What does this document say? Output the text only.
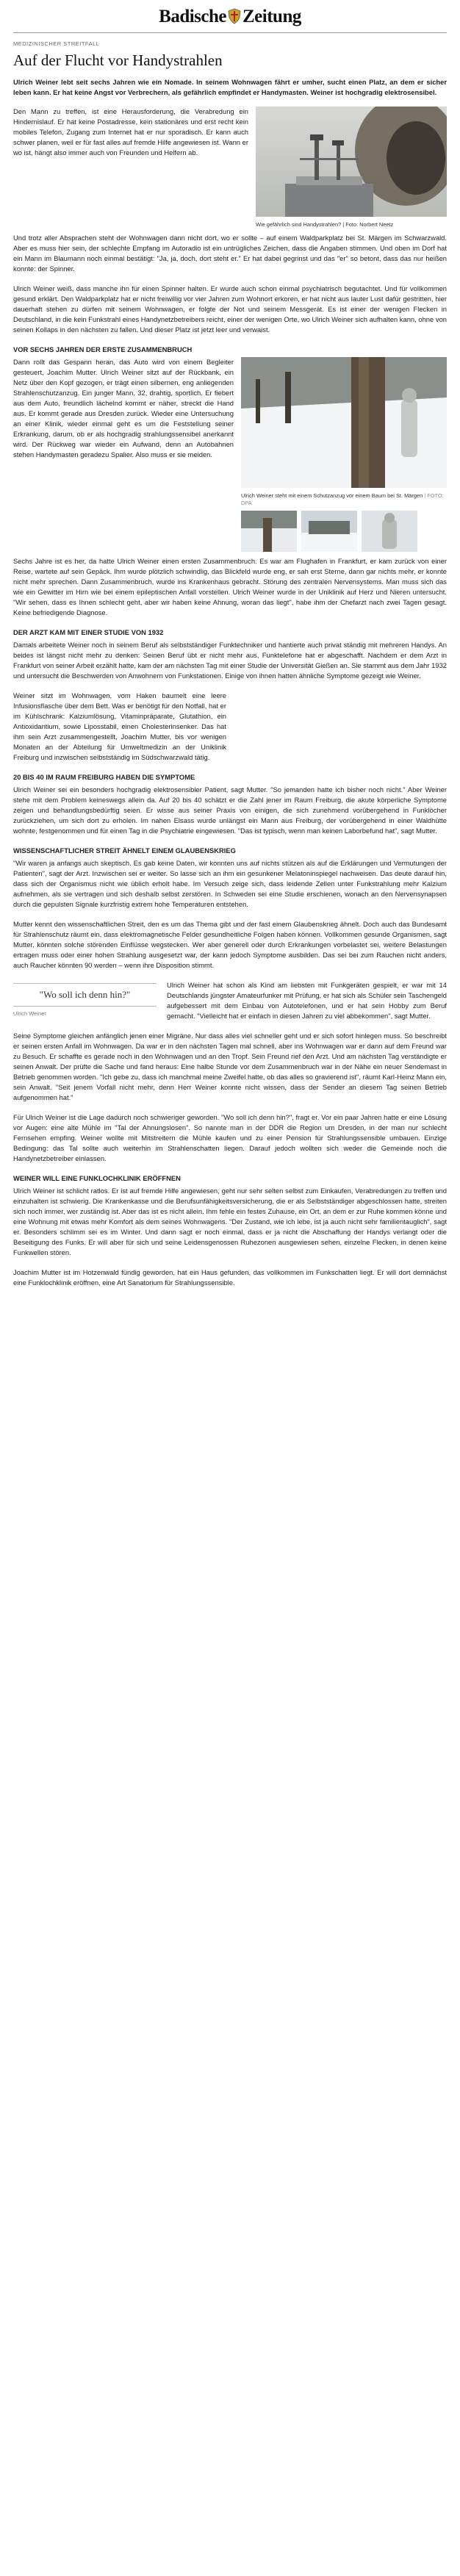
Badische Zeitung
MEDIZINISCHER STREITFALL
Auf der Flucht vor Handystrahlen

Ulrich Weiner lebt seit sechs Jahren wie ein Nomade. In seinem Wohnwagen fährt er umher, sucht einen Platz, an dem er sicher leben kann. Er hat keine Angst vor Verbrechern, als gefährlich empfindet er Handymasten. Weiner ist hochgradig elektrosensibel.

Wie gefährlich sind Handystrahlen? | Foto: Norbert Neetz

Den Mann zu treffen, ist eine Herausforderung, die Verabredung ein Hindernislauf. Er hat keine Postadresse, kein stationäres und erst recht kein mobiles Telefon, Zugang zum Internet hat er nur sporadisch. Er kann auch schwer planen, weil er für fast alles auf fremde Hilfe angewiesen ist. Wann er wo ist, hängt also immer auch von Freunden und Helfern ab.

Und trotz aller Absprachen steht der Wohnwagen dann nicht dort, wo er sollte – auf einem Waldparkplatz bei St. Märgen im Schwarzwald. Aber es muss hier sein, der schlechte Empfang im Autoradio ist ein untrügliches Zeichen, dass die Angaben stimmen. Und oben im Dorf hat ein Mann im Blaumann noch einmal bestätigt: "Ja, ja, doch, dort steht er." Er hat dabei gegrinst und das "er" so betont, dass das nur heißen konnte: der Spinner.

Ulrich Weiner weiß, dass manche ihn für einen Spinner halten. Er wurde auch schon einmal psychiatrisch begutachtet. Und für vollkommen gesund erklärt. Den Waldparkplatz hat er nicht freiwillig vor vier Jahren zum Wohnort erkoren, er hat nicht aus lauter Lust dafür gestritten, hier dauerhaft stehen zu dürfen mit seinem Wohnwagen, er folgte der Not und seinem Messgerät. Es ist einer der wenigen Flecken in Deutschland, in die kein Funkstrahl eines Handynetzbetreibers reicht, einer der wenigen Orte, wo Ulrich Weiner sich aufhalten kann, ohne von seinen Kollaps in den nächsten zu fallen. Und dieser Platz ist jetzt leer und verwaist.

VOR SECHS JAHREN DER ERSTE ZUSAMMENBRUCH
Ulrich Weiner steht mit einem Schutzanzug vor einem Baum bei St. Märgen | FOTO: DPA

Dann rollt das Gespann heran, das Auto wird von einem Begleiter gesteuert, Joachim Mutter. Ulrich Weiner sitzt auf der Rückbank, ein Netz über den Kopf gezogen, er trägt einen silbernen, eng anliegenden Strahlenschutzanzug. Ein junger Mann, 32, drahtig, sportlich. Er fiebert aus dem Auto, freundlich lächelnd kommt er näher, streckt die Hand aus. Er kommt gerade aus Dresden zurück. Wieder eine Untersuchung an einer Klinik, wieder einmal geht es um die Feststellung seiner Erkrankung, darum, ob er als hochgradig strahlungssensibel anerkannt wird. Der Rückweg war wieder ein Aufwand, denn an Autobahnen stehen Handymasten geradezu Spalier. Also muss er sie meiden.

Sechs Jahre ist es her, da hatte Ulrich Weiner einen ersten Zusammenbruch. Es war am Flughafen in Frankfurt, er kam zurück von einer Reise, wartete auf sein Gepäck. Ihm wurde plötzlich schwindlig, das Blickfeld wurde eng, er sah erst Sterne, dann gar nichts mehr, er konnte nicht mehr sprechen. Dann Zusammenbruch, wurde ins Krankenhaus gebracht. Störung des zentralen Nervensystems. Man muss sich das wie ein Gewitter im Hirn wie bei einem epileptischen Anfall vorstellen. Ulrich Weiner wurde in der Uniklinik auf Herz und Nieren untersucht. "Wir sehen, dass es Ihnen schlecht geht, aber wir haben keine Ahnung, woran das liegt", habe ihm der Chefarzt nach zwei Tagen gesagt. Keine befriedigende Diagnose.

DER ARZT KAM MIT EINER STUDIE VON 1932

Damals arbeitete Weiner noch in seinem Beruf als selbstständiger Funktechniker und hantierte auch privat ständig mit mehreren Handys. An beides ist längst nicht mehr zu denken: Seinen Beruf übt er nicht mehr aus, Funktelefone hat er abgeschafft. Nachdem er dem Arzt in Frankfurt von seiner Arbeit erzählt hatte, kam der am nächsten Tag mit einer Studie der Universität Gießen an. Sie stammt aus dem Jahr 1932 und untersucht die Beschwerden von Anwohnern von Funkstationen. Einige von ihnen hatten ähnliche Symptome gezeigt wie Weiner.

Weiner sitzt im Wohnwagen, vom Haken baumelt eine leere Infusionsflasche über dem Bett. Was er benötigt für den Notfall, hat er im Kühlschrank: Kalziumlösung, Vitaminpräparate, Glutathion, ein Antioxidantium, sowie Liposstabil, einen Cholesterinsenker. Das hat ihm sein Arzt zusammengestellt, Joachim Mutter, bis vor wenigen Monaten an der Abteilung für Umweltmedizin an der Uniklinik Freiburg und inzwischen selbstständig im Südschwarzwald tätig.

20 BIS 40 IM RAUM FREIBURG HABEN DIE SYMPTOME

Ulrich Weiner sei ein besonders hochgradig elektrosensibler Patient, sagt Mutter. "So jemanden hatte ich bisher noch nicht." Aber Weiner stehe mit dem Problem keineswegs allein da. Auf 20 bis 40 schätzt er die Zahl jener im Raum Freiburg, die akute körperliche Symptome zeigen und behandlungsbedürftig seien. Er wisse aus seiner Praxis von einigen, die sich zunehmend vorübergehend in Funklöcher zurückziehen, um sich dort zu erholen. Im nahen Elsass wurde unlängst ein Mann aus Freiburg, der vorübergehend in einer Waldhütte wohnte, festgenommen und für einen Tag in die Psychiatrie eingewiesen. "Das ist typisch, wenn man keinen Laborbefund hat", sagt Mutter.

WISSENSCHAFTLICHER STREIT ÄHNELT EINEM GLAUBENSKRIEG

"Wir waren ja anfangs auch skeptisch. Es gab keine Daten, wir konnten uns auf nichts stützen als auf die Erklärungen und Vermutungen der Patienten", sagt der Arzt. Inzwischen sei er weiter. So lasse sich an ihm ein gesunkener Melatoninspiegel nachweisen. Das deute darauf hin, dass sich der Organismus nicht wie üblich erholt habe. Im Versuch zeige sich, dass leidende Zellen unter Funkstrahlung mehr Kalzium aufnehmen, als sie vertragen und sich deshalb selbst zerstören. In Schweden sei eine Studie erschienen, wonach an den Nervensynapsen durch die gepulsten Signale kurzfristig extrem hohe Temperaturen entstehen.

Mutter kennt den wissenschaftlichen Streit, den es um das Thema gibt und der fast einem Glaubenskrieg ähnelt. Doch auch das Bundesamt für Strahlenschutz räumt ein, dass elektromagnetische Felder gesundheitliche Folgen haben können. Vollkommen gesunde Organismen, sagt Mutter, könnten solche störenden Einflüsse wegstecken. Wer aber generell oder durch Erkrankungen vorbelastet sei, weitere Belastungen ertragen muss oder einer hohen Strahlung ausgesetzt war, der kann jedoch Symptome ausbilden. Das sei bei zum Rauchen nicht anders, auch Raucher könnten 90 werden – wenn ihre Disposition stimmt.

"Wo soll ich denn hin?"
Ulrich Weiner

Ulrich Weiner hat schon als Kind am liebsten mit Funkgeräten gespielt, er war mit 14 Deutschlands jüngster Amateurfunker mit Prüfung, er hat sich als Schüler sein Taschengeld aufgebessert mit dem Einbau von Autotelefonen, und er hat sein Hobby zum Beruf gemacht. "Vielleicht hat er einfach in diesen Jahren zu viel abbekommen", sagt Mutter.

Seine Symptome gleichen anfänglich jenen einer Migräne. Nur dass alles viel schneller geht und er sich sofort hinlegen muss. So beschreibt er seinen ersten Anfall im Wohnwagen. Da war er in den nächsten Tagen mal schnell, aber ins Wohnwagen war er dann auf dem Freund war zu Besuch. Er schaffte es gerade noch in den Wohnwagen und an den Tropf. Sein Freund rief den Arzt. Und am nächsten Tag verständigte er seinen Anwalt. Der prüfte die Sache und fand heraus: Eine halbe Stunde vor dem Zusammenbruch war in der Nähe ein neuer Sendemast in Betrieb genommen worden. "Ich gebe zu, dass ich manchmal meine Zweifel hatte, ob das alles so gravierend ist", räumt Karl-Heinz Mann ein, sein Anwalt. "Seit jenem Vorfall nicht mehr, denn Herr Weiner konnte nicht wissen, dass der Sender an diesem Tag seinen Betrieb aufgenommen hat."

Für Ulrich Weiner ist die Lage dadurch noch schwieriger geworden. "Wo soll ich denn hin?", fragt er. Vor ein paar Jahren hatte er eine Lösung vor Augen: eine alte Mühle im "Tal der Ahnungslosen". So nannte man in der DDR die Region um Dresden, in der man nur schlecht Fernsehen empfing. Weiner wollte mit Mitstreitern die Mühle kaufen und zu einer Pension für Strahlungssensible umbauen. Einzige Bedingung: das Tal sollte auch weiterhin im Strahlenschatten liegen. Darauf jedoch wollten sich weder die Gemeinde noch die Handynetzbetreiber einlassen.

WEINER WILL EINE FUNKLOCHKLINIK ERÖFFNEN

Ulrich Weiner ist schlicht ratlos. Er ist auf fremde Hilfe angewiesen, geht nur sehr selten selbst zum Einkaufen, Verabredungen zu treffen und einzuhalten ist schwierig. Die Krankenkasse und die Berufsunfähigkeitsversicherung, die er als Selbstständiger abgeschlossen hatte, streiten sich noch immer, wer zuständig ist. Aber das ist es nicht allein. Ihm fehle ein festes Zuhause, ein Ort, an dem er zur Ruhe kommen könne und eine Wohnung mit etwas mehr Komfort als dem seines Wohnwagens. "Der Zustand, wie ich lebe, ist ja auch nicht sehr familientauglich", sagt er. Besonders schlimm sei es im Winter. Und dann sagt er noch einmal, dass er ja nicht die Abschaffung der Handys verlangt oder die Beseitigung des Funks. Er will aber für sich und seine Leidensgenossen Ruhezonen ausgewiesen sehen, einzelne Flecken, in denen keine Funkwellen stören.

Joachim Mutter ist im Hotzenwald fündig geworden, hat ein Haus gefunden, das vollkommen im Funkschatten liegt. Er will dort demnächst eine Funklochklinik eröffnen, eine Art Sanatorium für Strahlungssensible.
